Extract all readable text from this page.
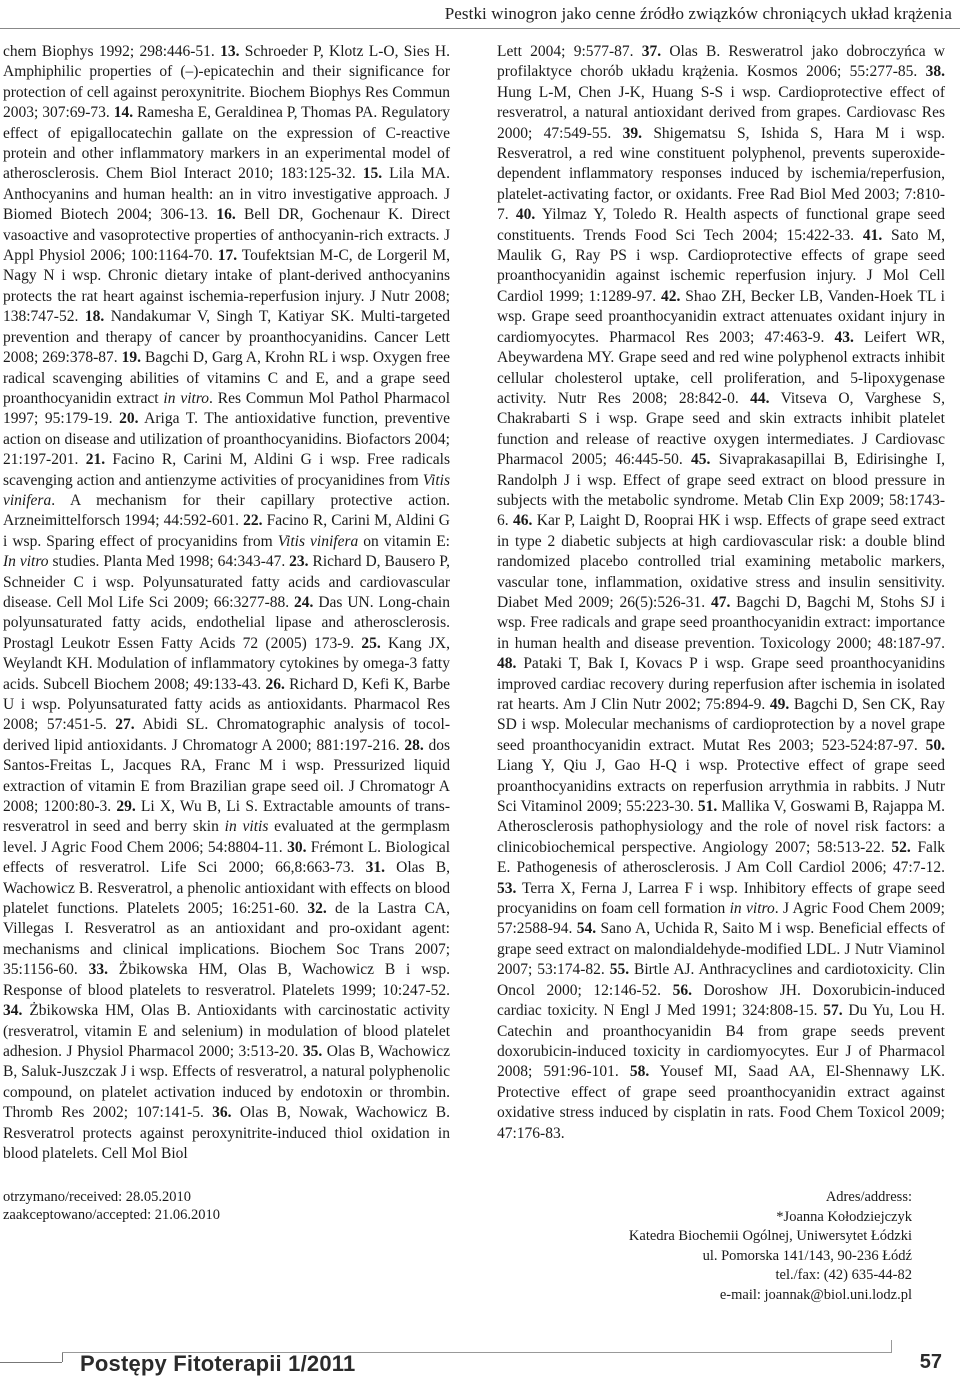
Pestki winogron jako cenne źródło związków chroniących układ krążenia
chem Biophys 1992; 298:446-51. 13. Schroeder P, Klotz L-O, Sies H. Amphiphilic properties of (–)-epicatechin and their significance for protection of cell against peroxynitrite. Biochem Biophys Res Commun 2003; 307:69-73. 14. Ramesha E, Geraldinea P, Thomas PA. Regulatory effect of epigallocatechin gallate on the expression of C-reactive protein and other inflammatory markers in an experimental model of atherosclerosis. Chem Biol Interact 2010; 183:125-32. 15. Lila MA. Anthocyanins and human health: an in vitro investigative approach. J Biomed Biotech 2004; 306-13. 16. Bell DR, Gochenaur K. Direct vasoactive and vasoprotective properties of anthocyanin-rich extracts. J Appl Physiol 2006; 100:1164-70. 17. Toufektsian M-C, de Lorgeril M, Nagy N i wsp. Chronic dietary intake of plant-derived anthocyanins protects the rat heart against ischemia-reperfusion injury. J Nutr 2008; 138:747-52. 18. Nandakumar V, Singh T, Katiyar SK. Multi-targeted prevention and therapy of cancer by proanthocyanidins. Cancer Lett 2008; 269:378-87. 19. Bagchi D, Garg A, Krohn RL i wsp. Oxygen free radical scavenging abilities of vitamins C and E, and a grape seed proanthocyanidin extract in vitro. Res Commun Mol Pathol Pharmacol 1997; 95:179-19. 20. Ariga T. The antioxidative function, preventive action on disease and utilization of proanthocyanidins. Biofactors 2004; 21:197-201. 21. Facino R, Carini M, Aldini G i wsp. Free radicals scavenging action and antienzyme activities of procyanidines from Vitis vinifera. A mechanism for their capillary protective action. Arzneimittelforsch 1994; 44:592-601. 22. Facino R, Carini M, Aldini G i wsp. Sparing effect of procyanidins from Vitis vinifera on vitamin E: In vitro studies. Planta Med 1998; 64:343-47. 23. Richard D, Bausero P, Schneider C i wsp. Polyunsaturated fatty acids and cardiovascular disease. Cell Mol Life Sci 2009; 66:3277-88. 24. Das UN. Long-chain polyunsaturated fatty acids, endothelial lipase and atherosclerosis. Prostagl Leukotr Essen Fatty Acids 72 (2005) 173-9. 25. Kang JX, Weylandt KH. Modulation of inflammatory cytokines by omega-3 fatty acids. Subcell Biochem 2008; 49:133-43. 26. Richard D, Kefi K, Barbe U i wsp. Polyunsaturated fatty acids as antioxidants. Pharmacol Res 2008; 57:451-5. 27. Abidi SL. Chromatographic analysis of tocol-derived lipid antioxidants. J Chromatogr A 2000; 881:197-216. 28. dos Santos-Freitas L, Jacques RA, Franc M i wsp. Pressurized liquid extraction of vitamin E from Brazilian grape seed oil. J Chromatogr A 2008; 1200:80-3. 29. Li X, Wu B, Li S. Extractable amounts of trans-resveratrol in seed and berry skin in vitis evaluated at the germplasm level. J Agric Food Chem 2006; 54:8804-11. 30. Frémont L. Biological effects of resveratrol. Life Sci 2000; 66,8:663-73. 31. Olas B, Wachowicz B. Resveratrol, a phenolic antioxidant with effects on blood platelet functions. Platelets 2005; 16:251-60. 32. de la Lastra CA, Villegas I. Resveratrol as an antioxidant and pro-oxidant agent: mechanisms and clinical implications. Biochem Soc Trans 2007; 35:1156-60. 33. Żbikowska HM, Olas B, Wachowicz B i wsp. Response of blood platelets to resveratrol. Platelets 1999; 10:247-52. 34. Żbikowska HM, Olas B. Antioxidants with carcinostatic activity (resveratrol, vitamin E and selenium) in modulation of blood platelet adhesion. J Physiol Pharmacol 2000; 3:513-20. 35. Olas B, Wachowicz B, Saluk-Juszczak J i wsp. Effects of resveratrol, a natural polyphenolic compound, on platelet activation induced by endotoxin or thrombin. Thromb Res 2002; 107:141-5. 36. Olas B, Nowak, Wachowicz B. Resveratrol protects against peroxynitrite-induced thiol oxidation in blood platelets. Cell Mol Biol
Lett 2004; 9:577-87. 37. Olas B. Resweratrol jako dobroczyńca w profilaktyce chorób układu krążenia. Kosmos 2006; 55:277-85. 38. Hung L-M, Chen J-K, Huang S-S i wsp. Cardioprotective effect of resveratrol, a natural antioxidant derived from grapes. Cardiovasc Res 2000; 47:549-55. 39. Shigematsu S, Ishida S, Hara M i wsp. Resveratrol, a red wine constituent polyphenol, prevents superoxide-dependent inflammatory responses induced by ischemia/reperfusion, platelet-activating factor, or oxidants. Free Rad Biol Med 2003; 7:810-7. 40. Yilmaz Y, Toledo R. Health aspects of functional grape seed constituents. Trends Food Sci Tech 2004; 15:422-33. 41. Sato M, Maulik G, Ray PS i wsp. Cardioprotective effects of grape seed proanthocyanidin against ischemic reperfusion injury. J Mol Cell Cardiol 1999; 1:1289-97. 42. Shao ZH, Becker LB, Vanden-Hoek TL i wsp. Grape seed proanthocyanidin extract attenuates oxidant injury in cardiomyocytes. Pharmacol Res 2003; 47:463-9. 43. Leifert WR, Abeywardena MY. Grape seed and red wine polyphenol extracts inhibit cellular cholesterol uptake, cell proliferation, and 5-lipoxygenase activity. Nutr Res 2008; 28:842-0. 44. Vitseva O, Varghese S, Chakrabarti S i wsp. Grape seed and skin extracts inhibit platelet function and release of reactive oxygen intermediates. J Cardiovasc Pharmacol 2005; 46:445-50. 45. Sivaprakasapillai B, Edirisinghe I, Randolph J i wsp. Effect of grape seed extract on blood pressure in subjects with the metabolic syndrome. Metab Clin Exp 2009; 58:1743-6. 46. Kar P, Laight D, Rooprai HK i wsp. Effects of grape seed extract in type 2 diabetic subjects at high cardiovascular risk: a double blind randomized placebo controlled trial examining metabolic markers, vascular tone, inflammation, oxidative stress and insulin sensitivity. Diabet Med 2009; 26(5):526-31. 47. Bagchi D, Bagchi M, Stohs SJ i wsp. Free radicals and grape seed proanthocyanidin extract: importance in human health and disease prevention. Toxicology 2000; 48:187-97. 48. Pataki T, Bak I, Kovacs P i wsp. Grape seed proanthocyanidins improved cardiac recovery during reperfusion after ischemia in isolated rat hearts. Am J Clin Nutr 2002; 75:894-9. 49. Bagchi D, Sen CK, Ray SD i wsp. Molecular mechanisms of cardioprotection by a novel grape seed proanthocyanidin extract. Mutat Res 2003; 523-524:87-97. 50. Liang Y, Qiu J, Gao H-Q i wsp. Protective effect of grape seed proanthocyanidins extracts on reperfusion arrythmia in rabbits. J Nutr Sci Vitaminol 2009; 55:223-30. 51. Mallika V, Goswami B, Rajappa M. Atherosclerosis pathophysiology and the role of novel risk factors: a clinicobiochemical perspective. Angiology 2007; 58:513-22. 52. Falk E. Pathogenesis of atherosclerosis. J Am Coll Cardiol 2006; 47:7-12. 53. Terra X, Ferna J, Larrea F i wsp. Inhibitory effects of grape seed procyanidins on foam cell formation in vitro. J Agric Food Chem 2009; 57:2588-94. 54. Sano A, Uchida R, Saito M i wsp. Beneficial effects of grape seed extract on malondialdehyde-modified LDL. J Nutr Viaminol 2007; 53:174-82. 55. Birtle AJ. Anthracyclines and cardiotoxicity. Clin Oncol 2000; 12:146-52. 56. Doroshow JH. Doxorubicin-induced cardiac toxicity. N Engl J Med 1991; 324:808-15. 57. Du Yu, Lou H. Catechin and proanthocyanidin B4 from grape seeds prevent doxorubicin-induced toxicity in cardiomyocytes. Eur J of Pharmacol 2008; 591:96-101. 58. Yousef MI, Saad AA, El-Shennawy LK. Protective effect of grape seed proanthocyanidin extract against oxidative stress induced by cisplatin in rats. Food Chem Toxicol 2009; 47:176-83.
otrzymano/received: 28.05.2010
zaakceptowano/accepted: 21.06.2010
Adres/address:
*Joanna Kołodziejczyk
Katedra Biochemii Ogólnej, Uniwersytet Łódzki
ul. Pomorska 141/143, 90-236 Łódź
tel./fax: (42) 635-44-82
e-mail: joannak@biol.uni.lodz.pl
Postępy Fitoterapii 1/2011	57
